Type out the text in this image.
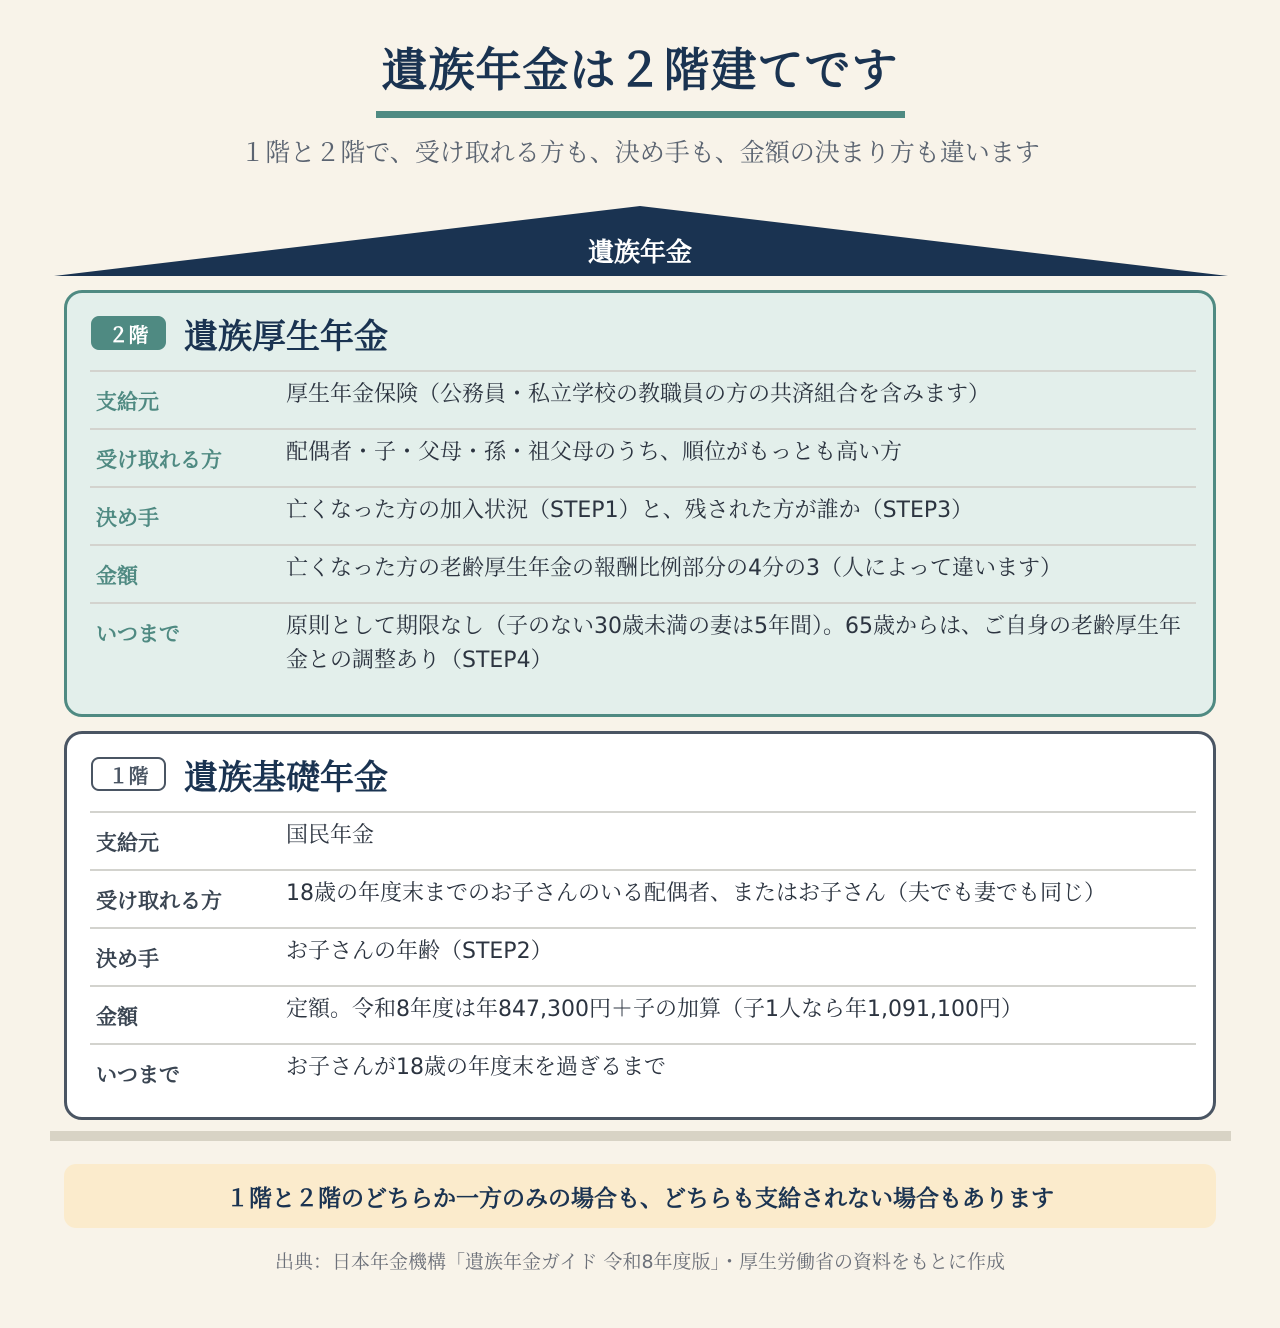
遺族年金は２階建てです
１階と２階で、受け取れる方も、決め手も、金額の決まり方も違います
遺族年金
２階	遺族厚生年金
支給元	厚生年金保険（公務員・私立学校の教職員の方の共済組合を含みます）
受け取れる方	配偶者・子・父母・孫・祖父母のうち、順位がもっとも高い方
決め手	亡くなった方の加入状況（STEP1）と、残された方が誰か（STEP3）
金額	亡くなった方の老齢厚生年金の報酬比例部分の4分の3（人によって違います）
いつまで	原則として期限なし（子のない30歳未満の妻は5年間）。65歳からは、ご自身の老齢厚生年金との調整あり（STEP4）
１階	遺族基礎年金
支給元	国民年金
受け取れる方	18歳の年度末までのお子さんのいる配偶者、またはお子さん（夫でも妻でも同じ）
決め手	お子さんの年齢（STEP2）
金額	定額。令和8年度は年847,300円＋子の加算（子1人なら年1,091,100円）
いつまで	お子さんが18歳の年度末を過ぎるまで
１階と２階のどちらか一方のみの場合も、どちらも支給されない場合もあります
出典：日本年金機構「遺族年金ガイド 令和8年度版」・厚生労働省の資料をもとに作成
